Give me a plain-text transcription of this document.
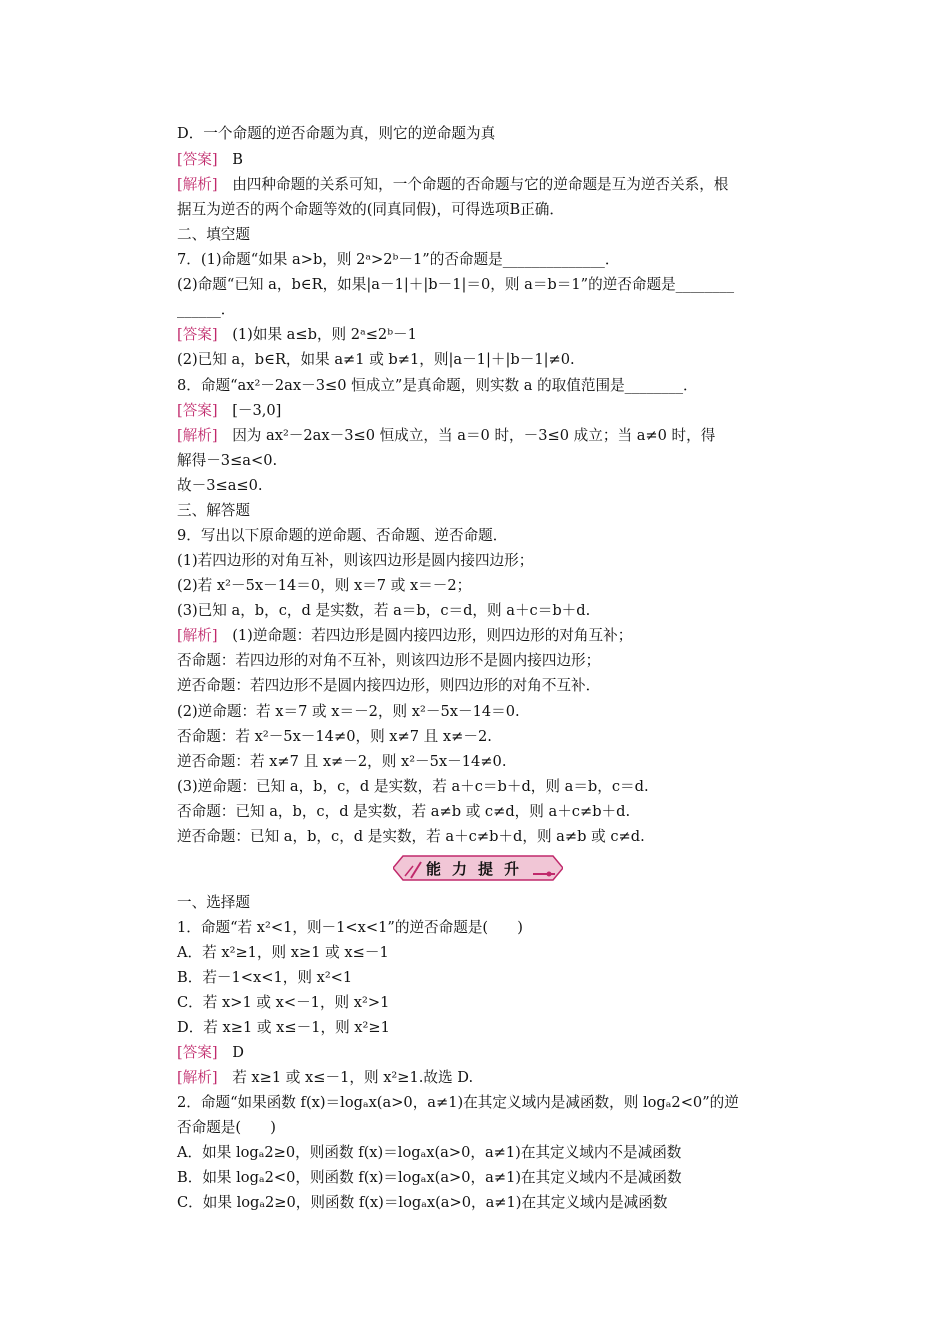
D．一个命题的逆否命题为真，则它的逆命题为真
[答案]　 B
[解析]　 由四种命题的关系可知，一个命题的否命题与它的逆命题是互为逆否关系，根
据互为逆否的两个命题等效的(同真同假)，可得选项B正确．
二、填空题
7．(1)命题“如果 a>b，则 2ᵃ>2ᵇ－1”的否命题是______________．
(2)命题“已知 a，b∈R，如果|a－1|＋|b－1|＝0，则 a＝b＝1”的逆否命题是________
______．
[答案]　 (1)如果 a≤b，则 2ᵃ≤2ᵇ－1
(2)已知 a，b∈R，如果 a≠1 或 b≠1，则|a－1|＋|b－1|≠0.
8．命题“ax²－2ax－3≤0 恒成立”是真命题，则实数 a 的取值范围是________．
[答案]　 [－3,0]
[解析]　 因为 ax²－2ax－3≤0 恒成立，当 a＝0 时，－3≤0 成立；当 a≠0 时，得
解得－3≤a<0.
故－3≤a≤0.
三、解答题
9．写出以下原命题的逆命题、否命题、逆否命题．
(1)若四边形的对角互补，则该四边形是圆内接四边形；
(2)若 x²－5x－14＝0，则 x＝7 或 x＝－2；
(3)已知 a，b，c，d 是实数，若 a＝b，c＝d，则 a＋c＝b＋d.
[解析]　 (1)逆命题：若四边形是圆内接四边形，则四边形的对角互补；
否命题：若四边形的对角不互补，则该四边形不是圆内接四边形；
逆否命题：若四边形不是圆内接四边形，则四边形的对角不互补．
(2)逆命题：若 x＝7 或 x＝－2，则 x²－5x－14＝0.
否命题：若 x²－5x－14≠0，则 x≠7 且 x≠－2.
逆否命题：若 x≠7 且 x≠－2，则 x²－5x－14≠0.
(3)逆命题：已知 a，b，c，d 是实数，若 a＋c＝b＋d，则 a＝b，c＝d.
否命题：已知 a，b，c，d 是实数，若 a≠b 或 c≠d，则 a＋c≠b＋d.
逆否命题：已知 a，b，c，d 是实数，若 a＋c≠b＋d，则 a≠b 或 c≠d.
能力提升
一、选择题
1．命题“若 x²<1，则－1<x<1”的逆否命题是(　　)
A．若 x²≥1，则 x≥1 或 x≤－1
B．若－1<x<1，则 x²<1
C．若 x>1 或 x<－1，则 x²>1
D．若 x≥1 或 x≤－1，则 x²≥1
[答案]　 D
[解析]　 若 x≥1 或 x≤－1，则 x²≥1.故选 D.
2．命题“如果函数 f(x)＝logₐx(a>0，a≠1)在其定义域内是减函数，则 logₐ2<0”的逆
否命题是(　　)
A．如果 logₐ2≥0，则函数 f(x)＝logₐx(a>0，a≠1)在其定义域内不是减函数
B．如果 logₐ2<0，则函数 f(x)＝logₐx(a>0，a≠1)在其定义域内不是减函数
C．如果 logₐ2≥0，则函数 f(x)＝logₐx(a>0，a≠1)在其定义域内是减函数
